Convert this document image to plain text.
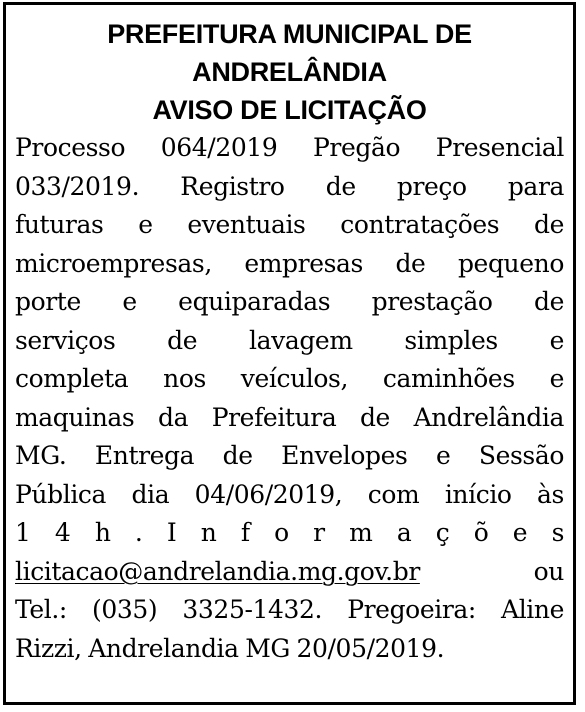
PREFEITURA MUNICIPAL DE
ANDRELÂNDIA
AVISO DE LICITAÇÃO

Processo 064/2019 Pregão Presencial
033/2019. Registro de preço para
futuras e eventuais contratações de
microempresas, empresas de pequeno
porte e equiparadas prestação de
serviços de lavagem simples e
completa nos veículos, caminhões e
maquinas da Prefeitura de Andrelândia
MG. Entrega de Envelopes e Sessão
Pública dia 04/06/2019, com início às
1 4 h . I n f o r m a ç õ e s
licitacao@andrelandia.mg.gov.br	ou
Tel.: (035) 3325-1432. Pregoeira: Aline
Rizzi, Andrelandia MG 20/05/2019.
